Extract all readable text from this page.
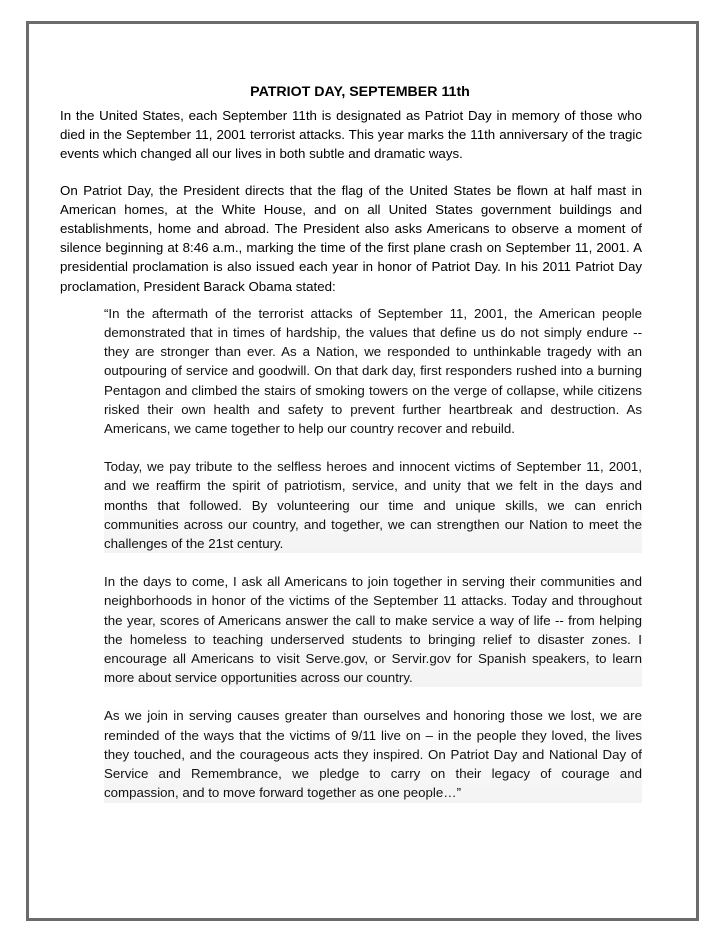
PATRIOT DAY, SEPTEMBER 11th

In the United States, each September 11th is designated as Patriot Day in memory of those who died in the September 11, 2001 terrorist attacks. This year marks the 11th anniversary of the tragic events which changed all our lives in both subtle and dramatic ways.

On Patriot Day, the President directs that the flag of the United States be flown at half mast in American homes, at the White House, and on all United States government buildings and establishments, home and abroad. The President also asks Americans to observe a moment of silence beginning at 8:46 a.m., marking the time of the first plane crash on September 11, 2001. A presidential proclamation is also issued each year in honor of Patriot Day. In his 2011 Patriot Day proclamation, President Barack Obama stated:

“In the aftermath of the terrorist attacks of September 11, 2001, the American people demonstrated that in times of hardship, the values that define us do not simply endure -- they are stronger than ever. As a Nation, we responded to unthinkable tragedy with an outpouring of service and goodwill. On that dark day, first responders rushed into a burning Pentagon and climbed the stairs of smoking towers on the verge of collapse, while citizens risked their own health and safety to prevent further heartbreak and destruction. As Americans, we came together to help our country recover and rebuild.

Today, we pay tribute to the selfless heroes and innocent victims of September 11, 2001, and we reaffirm the spirit of patriotism, service, and unity that we felt in the days and months that followed. By volunteering our time and unique skills, we can enrich communities across our country, and together, we can strengthen our Nation to meet the challenges of the 21st century.

In the days to come, I ask all Americans to join together in serving their communities and neighborhoods in honor of the victims of the September 11 attacks. Today and throughout the year, scores of Americans answer the call to make service a way of life -- from helping the homeless to teaching underserved students to bringing relief to disaster zones. I encourage all Americans to visit Serve.gov, or Servir.gov for Spanish speakers, to learn more about service opportunities across our country.

As we join in serving causes greater than ourselves and honoring those we lost, we are reminded of the ways that the victims of 9/11 live on – in the people they loved, the lives they touched, and the courageous acts they inspired. On Patriot Day and National Day of Service and Remembrance, we pledge to carry on their legacy of courage and compassion, and to move forward together as one people…”
